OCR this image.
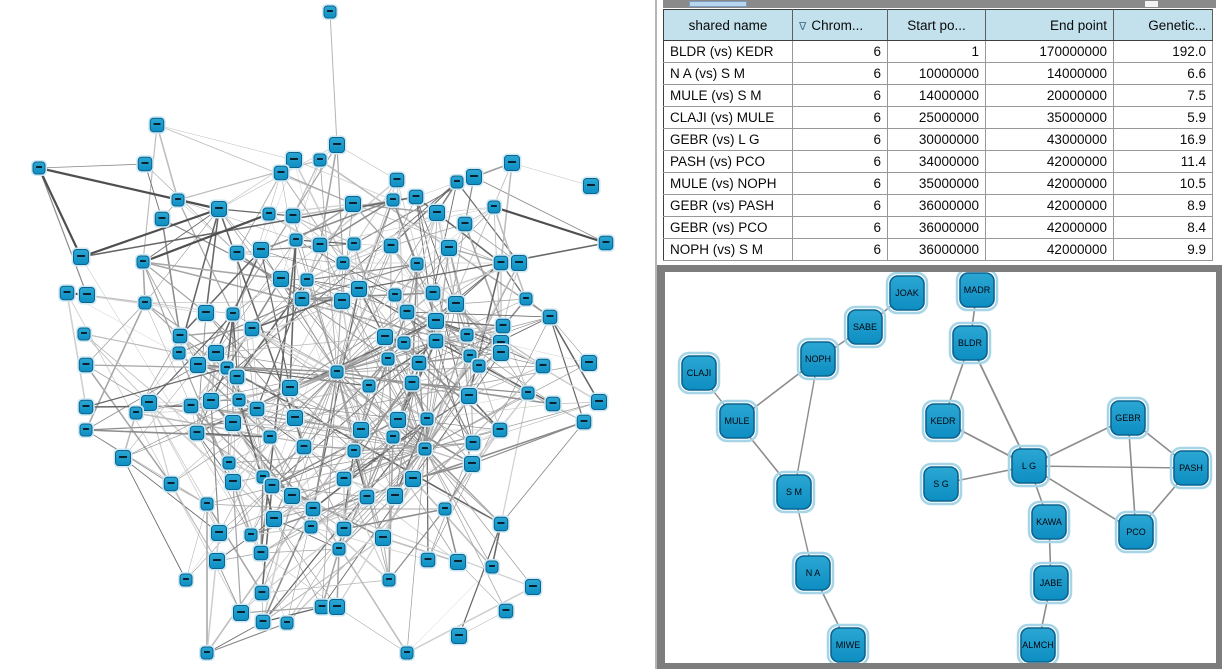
shared name	∇ Chrom...	Start po...	End point	Genetic...
BLDR (vs) KEDR	6	1	170000000	192.0
N A (vs) S M	6	10000000	14000000	6.6
MULE (vs) S M	6	14000000	20000000	7.5
CLAJI (vs) MULE	6	25000000	35000000	5.9
GEBR (vs) L G	6	30000000	43000000	16.9
PASH (vs) PCO	6	34000000	42000000	11.4
MULE (vs) NOPH	6	35000000	42000000	10.5
GEBR (vs) PASH	6	36000000	42000000	8.9
GEBR (vs) PCO	6	36000000	42000000	8.4
NOPH (vs) S M	6	36000000	42000000	9.9
JOAK	MADR
SABE
BLDR
NOPH
CLAJI
KEDR	GEBR
MULE
L G	PASH
S G
S M
KAWA
PCO
N A
JABE
ALMCH
MIWE
